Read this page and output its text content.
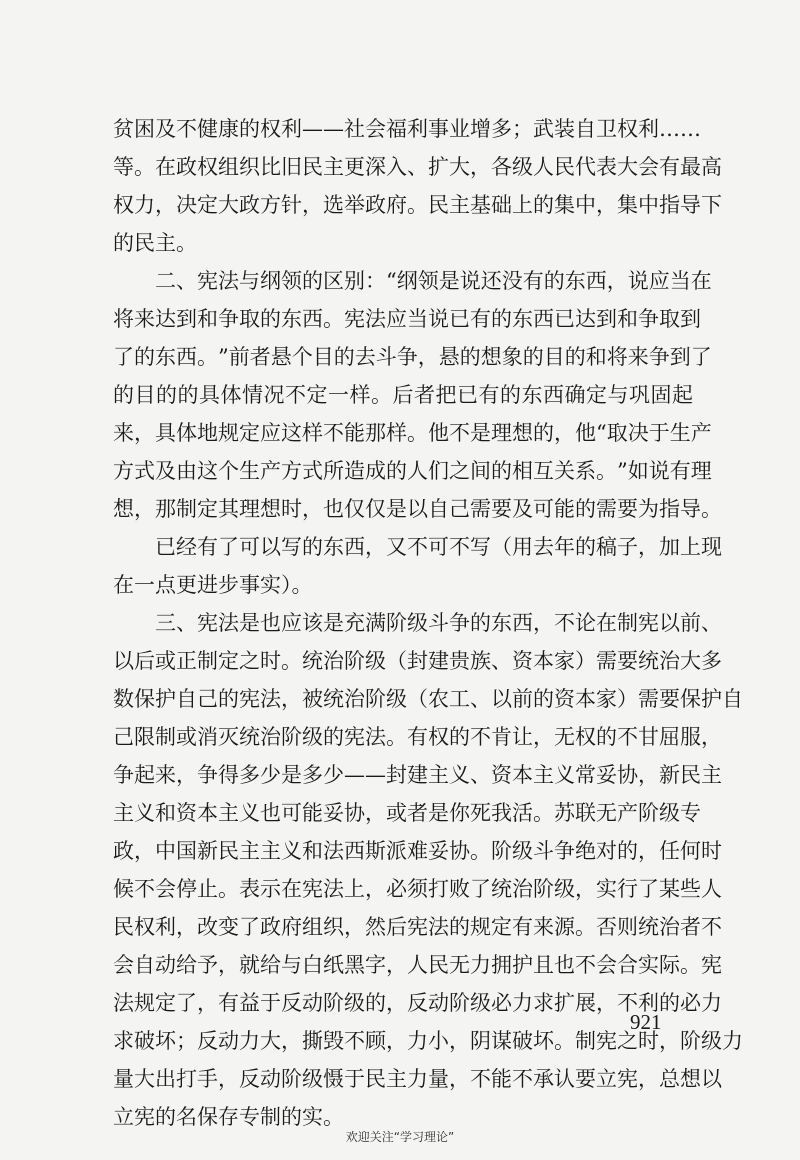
贫 困 及 不 健 康 的 权 利 — — 社 会 福 利 事 业 增 多 ； 武 装 自 卫 权 利 … …
等 。 在 政 权 组 织 比 旧 民 主 更 深 入 、 扩 大 ， 各 级 人 民 代 表 大 会 有 最 高
权 力 ， 决 定 大 政 方 针 ， 选 举 政 府 。 民 主 基 础 上 的 集 中 ， 集 中 指 导 下
的民主。
二 、 宪 法 与 纲 领 的 区 别 ： “ 纲 领 是 说 还 没 有 的 东 西 ， 说 应 当 在
将 来 达 到 和 争 取 的 东 西 。 宪 法 应 当 说 已 有 的 东 西 已 达 到 和 争 取 到
了 的 东 西 。 ” 前 者 悬 个 目 的 去 斗 争 ， 悬 的 想 象 的 目 的 和 将 来 争 到 了
的 目 的 的 具 体 情 况 不 定 一 样 。 后 者 把 已 有 的 东 西 确 定 与 巩 固 起
来 ， 具 体 地 规 定 应 这 样 不 能 那 样 。 他 不 是 理 想 的 ， 他 “ 取 决 于 生 产
方 式 及 由 这 个 生 产 方 式 所 造 成 的 人 们 之 间 的 相 互 关 系 。 ” 如 说 有 理
想 ， 那 制 定 其 理 想 时 ， 也 仅 仅 是 以 自 己 需 要 及 可 能 的 需 要 为 指 导 。
已 经 有 了 可 以 写 的 东 西 ， 又 不 可 不 写 （ 用 去 年 的 稿 子 ， 加 上 现
在一点更进步事实）。
三 、 宪 法 是 也 应 该 是 充 满 阶 级 斗 争 的 东 西 ， 不 论 在 制 宪 以 前 、
以 后 或 正 制 定 之 时 。 统 治 阶 级 （ 封 建 贵 族 、 资 本 家 ） 需 要 统 治 大 多
数 保 护 自 己 的 宪 法 ， 被 统 治 阶 级 （ 农 工 、 以 前 的 资 本 家 ） 需 要 保 护 自
己 限 制 或 消 灭 统 治 阶 级 的 宪 法 。 有 权 的 不 肯 让 ， 无 权 的 不 甘 屈 服 ，
争 起 来 ， 争 得 多 少 是 多 少 — — 封 建 主 义 、 资 本 主 义 常 妥 协 ， 新 民 主
主 义 和 资 本 主 义 也 可 能 妥 协 ， 或 者 是 你 死 我 活 。 苏 联 无 产 阶 级 专
政 ， 中 国 新 民 主 主 义 和 法 西 斯 派 难 妥 协 。 阶 级 斗 争 绝 对 的 ， 任 何 时
候 不 会 停 止 。 表 示 在 宪 法 上 ， 必 须 打 败 了 统 治 阶 级 ， 实 行 了 某 些 人
民 权 利 ， 改 变 了 政 府 组 织 ， 然 后 宪 法 的 规 定 有 来 源 。 否 则 统 治 者 不
会 自 动 给 予 ， 就 给 与 白 纸 黑 字 ， 人 民 无 力 拥 护 且 也 不 会 合 实 际 。 宪
法 规 定 了 ， 有 益 于 反 动 阶 级 的 ， 反 动 阶 级 必 力 求 扩 展 ， 不 利 的 必 力
求 破 坏 ； 反 动 力 大 ， 撕 毁 不 顾 ， 力 小 ， 阴 谋 破 坏 。 制 宪 之 时 ， 阶 级 力
量 大 出 打 手 ， 反 动 阶 级 慑 于 民 主 力 量 ， 不 能 不 承 认 要 立 宪 ， 总 想 以
立宪的名保存专制的实。
921
欢迎关注“学习理论”
